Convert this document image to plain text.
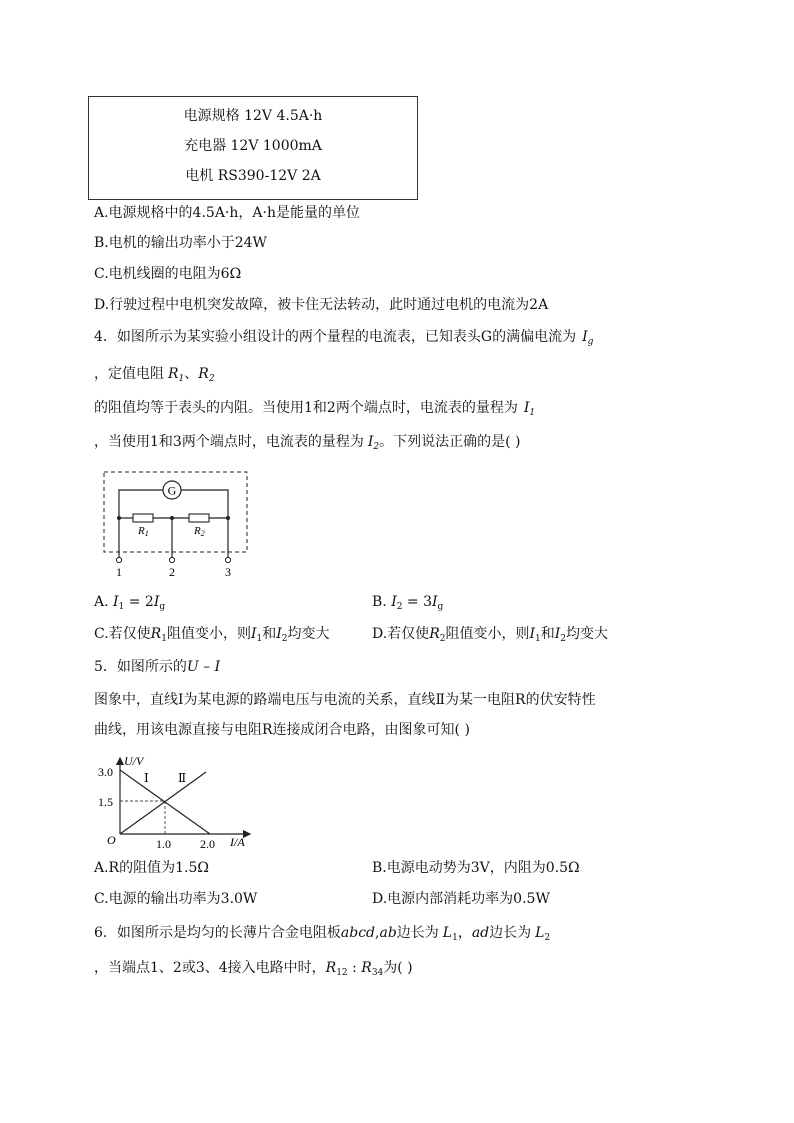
电源规格 12V 4.5A·h
充电器 12V 1000mA
电机 RS390-12V 2A
A.电源规格中的4.5A·h，A·h是能量的单位
B.电机的输出功率小于24W
C.电机线圈的电阻为6Ω
D.行驶过程中电机突发故障，被卡住无法转动，此时通过电机的电流为2A
4．如图所示为某实验小组设计的两个量程的电流表，已知表头G的满偏电流为 $I_g$
，定值电阻 $R_1$、$R_2$
的阻值均等于表头的内阻。当使用1和2两个端点时，电流表的量程为 $I_1$
，当使用1和3两个端点时，电流表的量程为 $I_2$。下列说法正确的是( )
G
R1	R2
1	2	3
A. $I_1 = 2I_g$	B. $I_2 = 3I_g$
C.若仅使$R_1$阻值变小，则$I_1$和$I_2$均变大	D.若仅使$R_2$阻值变小，则$I_1$和$I_2$均变大
5．如图所示的U – I
图象中，直线Ⅰ为某电源的路端电压与电流的关系，直线Ⅱ为某一电阻R的伏安特性
曲线，用该电源直接与电阻R连接成闭合电路，由图象可知( )
U/V
I/A
O
3.0
1.5
1.0 2.0
Ⅰ Ⅱ
A.R的阻值为1.5Ω	B.电源电动势为3V，内阻为0.5Ω
C.电源的输出功率为3.0W	D.电源内部消耗功率为0.5W
6．如图所示是均匀的长薄片合金电阻板abcd,ab边长为 $L_1$，ad边长为 $L_2$
，当端点1、2或3、4接入电路中时，$R_{12}$ : $R_{34}$为( )
